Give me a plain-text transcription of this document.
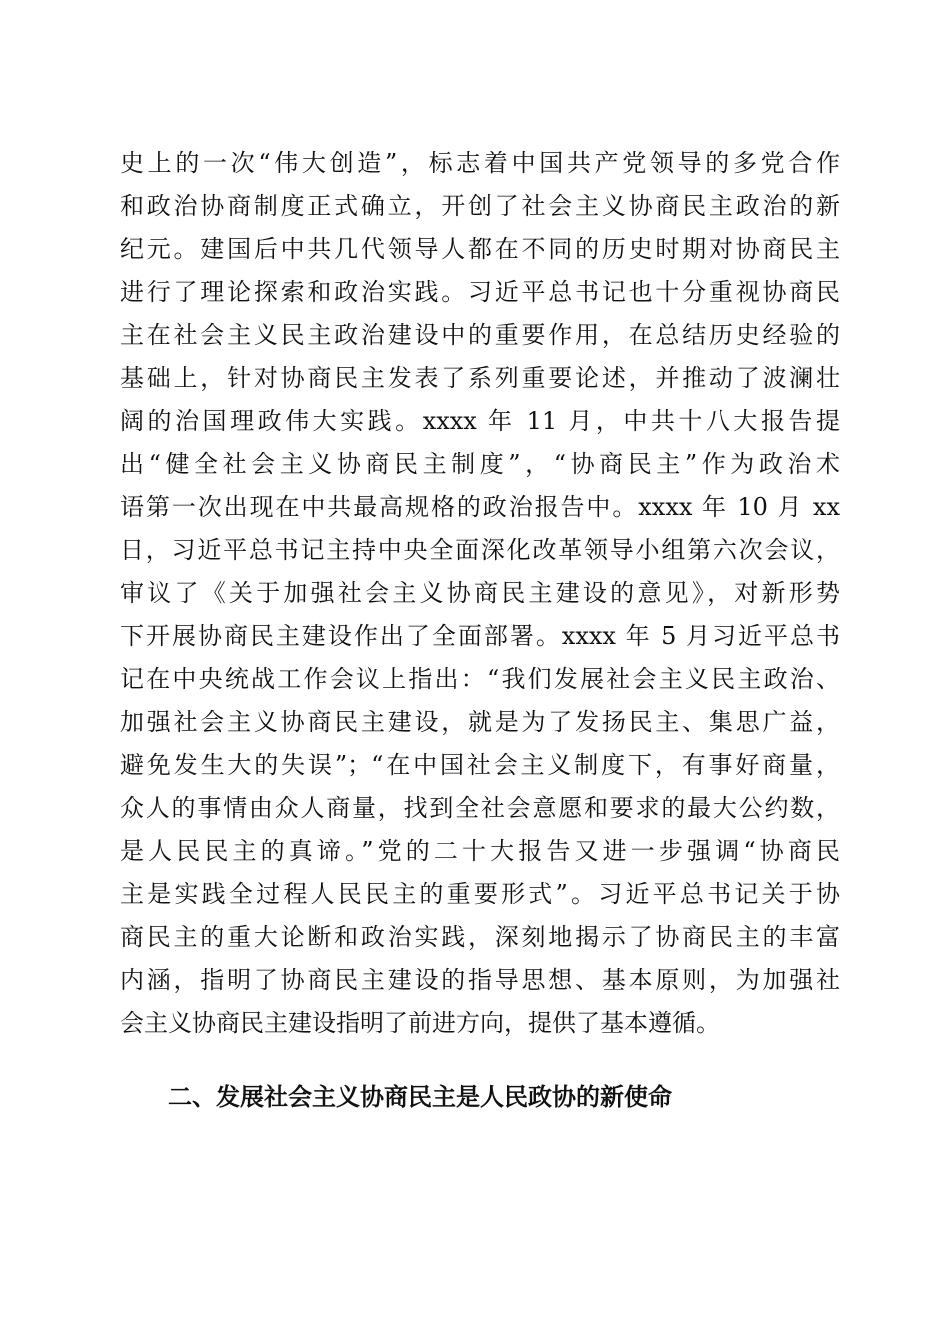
史上的一次“伟大创造”，标志着中国共产党领导的多党合作
和政治协商制度正式确立，开创了社会主义协商民主政治的新
纪元。建国后中共几代领导人都在不同的历史时期对协商民主
进行了理论探索和政治实践。习近平总书记也十分重视协商民
主在社会主义民主政治建设中的重要作用，在总结历史经验的
基础上，针对协商民主发表了系列重要论述，并推动了波澜壮
阔的治国理政伟大实践。xxxx 年 11 月，中共十八大报告提
出“健全社会主义协商民主制度”，“协商民主”作为政治术
语第一次出现在中共最高规格的政治报告中。xxxx 年 10 月 xx
日，习近平总书记主持中央全面深化改革领导小组第六次会议，
审议了《关于加强社会主义协商民主建设的意见》，对新形势
下开展协商民主建设作出了全面部署。xxxx 年 5 月习近平总书
记在中央统战工作会议上指出：“我们发展社会主义民主政治、
加强社会主义协商民主建设，就是为了发扬民主、集思广益，
避免发生大的失误”；“在中国社会主义制度下，有事好商量，
众人的事情由众人商量，找到全社会意愿和要求的最大公约数，
是人民民主的真谛。”党的二十大报告又进一步强调“协商民
主是实践全过程人民民主的重要形式”。习近平总书记关于协
商民主的重大论断和政治实践，深刻地揭示了协商民主的丰富
内涵，指明了协商民主建设的指导思想、基本原则，为加强社
会主义协商民主建设指明了前进方向，提供了基本遵循。
二、发展社会主义协商民主是人民政协的新使命
